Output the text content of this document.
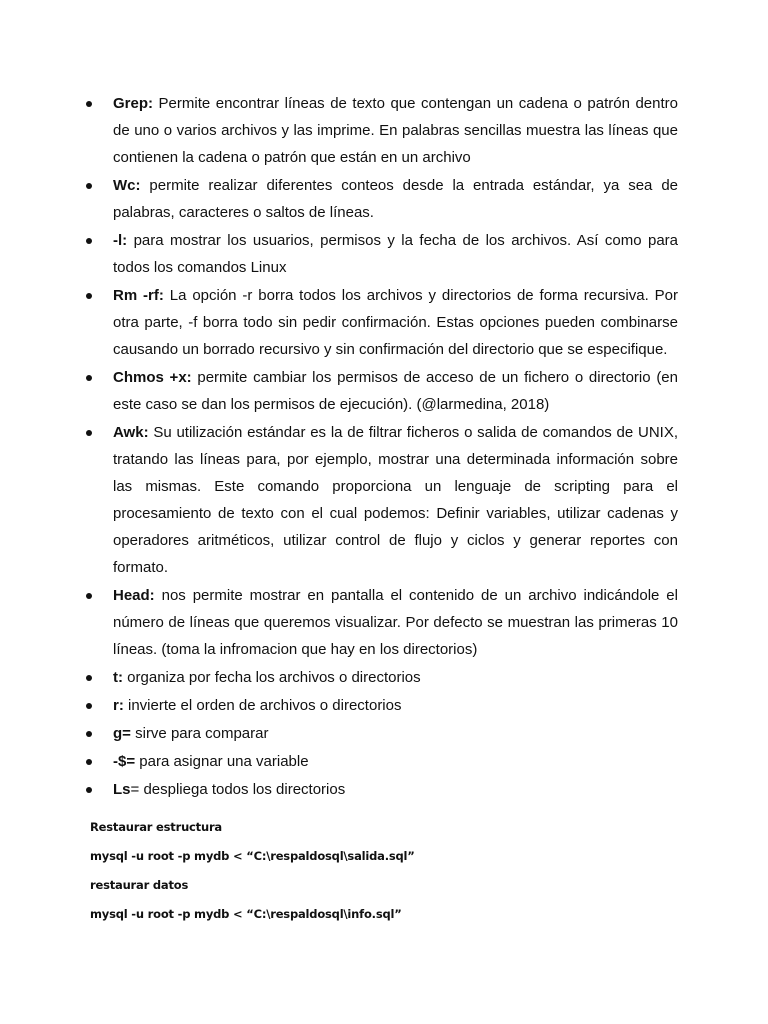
Grep: Permite encontrar líneas de texto que contengan un cadena o patrón dentro de uno o varios archivos y las imprime. En palabras sencillas muestra las líneas que contienen la cadena o patrón que están en un archivo
Wc: permite realizar diferentes conteos desde la entrada estándar, ya sea de palabras, caracteres o saltos de líneas.
-l: para mostrar los usuarios, permisos y la fecha de los archivos. Así como para todos los comandos Linux
Rm -rf: La opción -r borra todos los archivos y directorios de forma recursiva. Por otra parte, -f borra todo sin pedir confirmación. Estas opciones pueden combinarse causando un borrado recursivo y sin confirmación del directorio que se especifique.
Chmos +x: permite cambiar los permisos de acceso de un fichero o directorio (en este caso se dan los permisos de ejecución). (@larmedina, 2018)
Awk: Su utilización estándar es la de filtrar ficheros o salida de comandos de UNIX, tratando las líneas para, por ejemplo, mostrar una determinada información sobre las mismas. Este comando proporciona un lenguaje de scripting para el procesamiento de texto con el cual podemos: Definir variables, utilizar cadenas y operadores aritméticos, utilizar control de flujo y ciclos y generar reportes con formato.
Head: nos permite mostrar en pantalla el contenido de un archivo indicándole el número de líneas que queremos visualizar. Por defecto se muestran las primeras 10 líneas. (toma la infromacion que hay en los directorios)
t: organiza por fecha los archivos o directorios
r: invierte el orden de archivos o directorios
g= sirve para comparar
-$= para asignar una variable
Ls= despliega todos los directorios
Restaurar estructura
mysql -u root -p mydb < “C:\respaldosql\salida.sql”
restaurar datos
mysql -u root -p mydb < “C:\respaldosql\info.sql”
